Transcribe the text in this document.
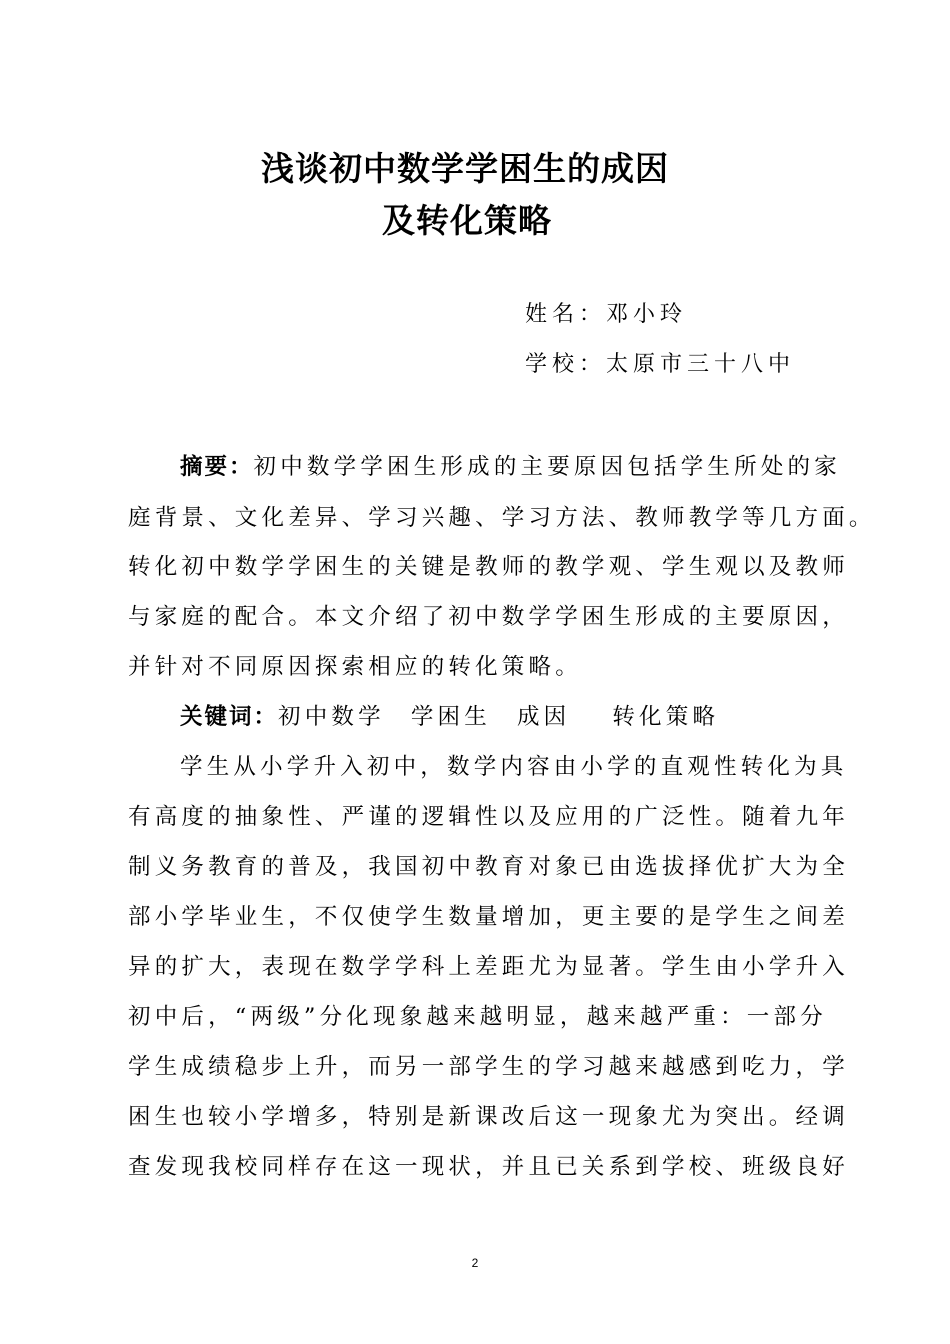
浅谈初中数学学困生的成因
及转化策略
姓名：邓小玲
学校：太原市三十八中
摘要：初中数学学困生形成的主要原因包括学生所处的家
庭背景、文化差异、学习兴趣、学习方法、教师教学等几方面。
转化初中数学学困生的关键是教师的教学观、学生观以及教师
与家庭的配合。本文介绍了初中数学学困生形成的主要原因，
并针对不同原因探索相应的转化策略。
关键词：初中数学 学困生 成因 转化策略
学生从小学升入初中，数学内容由小学的直观性转化为具
有高度的抽象性、严谨的逻辑性以及应用的广泛性。随着九年
制义务教育的普及，我国初中教育对象已由选拔择优扩大为全
部小学毕业生，不仅使学生数量增加，更主要的是学生之间差
异的扩大，表现在数学学科上差距尤为显著。学生由小学升入
初中后，“两级”分化现象越来越明显，越来越严重：一部分
学生成绩稳步上升，而另一部学生的学习越来越感到吃力，学
困生也较小学增多，特别是新课改后这一现象尤为突出。经调
查发现我校同样存在这一现状，并且已关系到学校、班级良好
2
